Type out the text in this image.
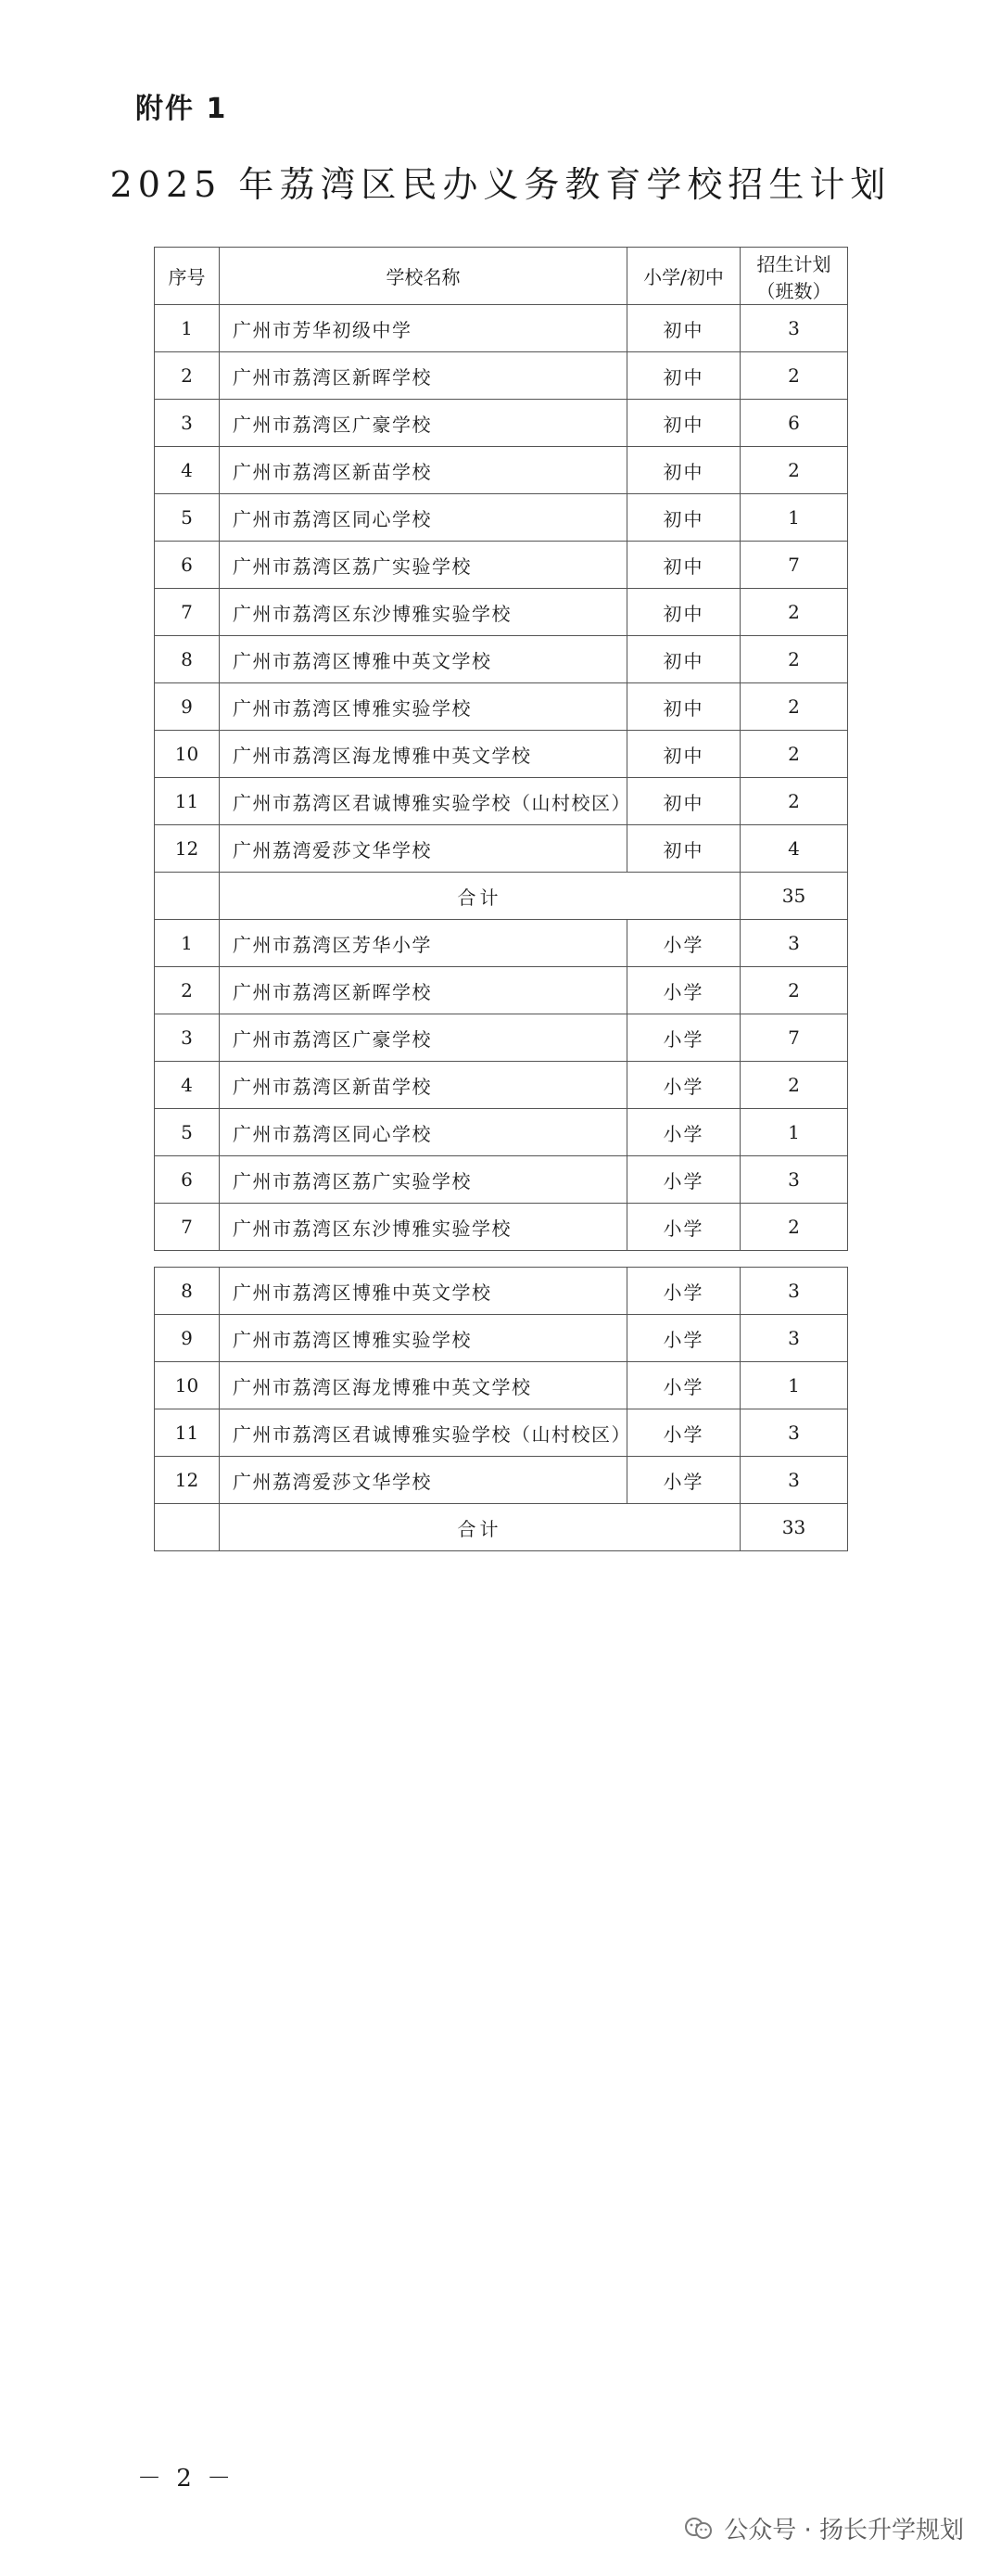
附件 1
2025 年荔湾区民办义务教育学校招生计划
序号	学校名称	小学/初中	招生计划
（班数）

1	广州市芳华初级中学	初中	3
2	广州市荔湾区新晖学校	初中	2
3	广州市荔湾区广豪学校	初中	6
4	广州市荔湾区新苗学校	初中	2
5	广州市荔湾区同心学校	初中	1
6	广州市荔湾区荔广实验学校	初中	7
7	广州市荔湾区东沙博雅实验学校	初中	2
8	广州市荔湾区博雅中英文学校	初中	2
9	广州市荔湾区博雅实验学校	初中	2
10	广州市荔湾区海龙博雅中英文学校	初中	2
11	广州市荔湾区君诚博雅实验学校（山村校区）	初中	2
12	广州荔湾爱莎文华学校	初中	4
	合计		35
1	广州市荔湾区芳华小学	小学	3
2	广州市荔湾区新晖学校	小学	2
3	广州市荔湾区广豪学校	小学	7
4	广州市荔湾区新苗学校	小学	2
5	广州市荔湾区同心学校	小学	1
6	广州市荔湾区荔广实验学校	小学	3
7	广州市荔湾区东沙博雅实验学校	小学	2
8	广州市荔湾区博雅中英文学校	小学	3
9	广州市荔湾区博雅实验学校	小学	3
10	广州市荔湾区海龙博雅中英文学校	小学	1
11	广州市荔湾区君诚博雅实验学校（山村校区）	小学	3
12	广州荔湾爱莎文华学校	小学	3
	合计		33
－ 2 －
公众号 · 扬长升学规划
